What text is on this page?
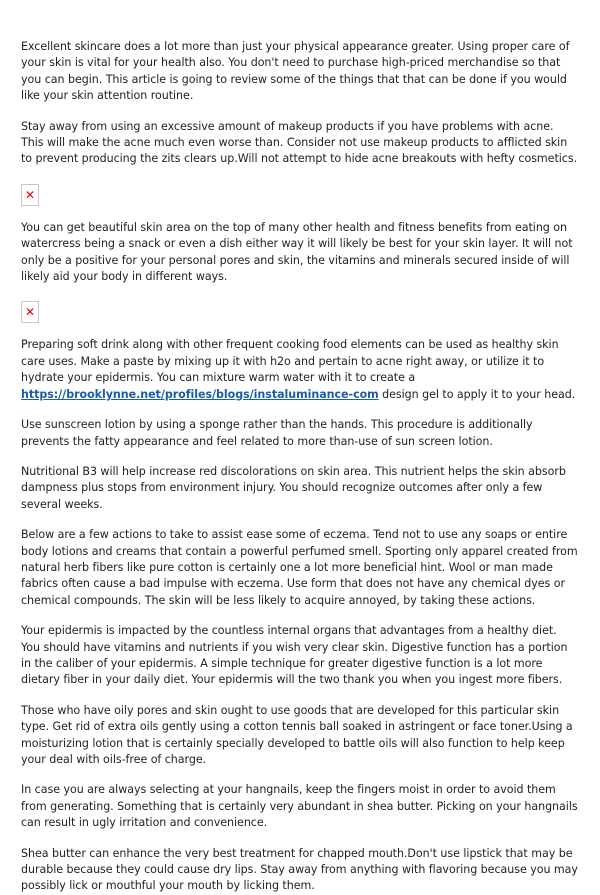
Excellent skincare does a lot more than just your physical appearance greater. Using proper care of your skin is vital for your health also. You don't need to purchase high-priced merchandise so that you can begin. This article is going to review some of the things that that can be done if you would like your skin attention routine.

Stay away from using an excessive amount of makeup products if you have problems with acne. This will make the acne much even worse than. Consider not use makeup products to afflicted skin to prevent producing the zits clears up.Will not attempt to hide acne breakouts with hefty cosmetics.

✕

You can get beautiful skin area on the top of many other health and fitness benefits from eating on watercress being a snack or even a dish either way it will likely be best for your skin layer. It will not only be a positive for your personal pores and skin, the vitamins and minerals secured inside of will likely aid your body in different ways.

✕

Preparing soft drink along with other frequent cooking food elements can be used as healthy skin care uses. Make a paste by mixing up it with h2o and pertain to acne right away, or utilize it to hydrate your epidermis. You can mixture warm water with it to create a https://brooklynne.net/profiles/blogs/instaluminance-com design gel to apply it to your head.

Use sunscreen lotion by using a sponge rather than the hands. This procedure is additionally prevents the fatty appearance and feel related to more than-use of sun screen lotion.

Nutritional B3 will help increase red discolorations on skin area. This nutrient helps the skin absorb dampness plus stops from environment injury. You should recognize outcomes after only a few several weeks.

Below are a few actions to take to assist ease some of eczema. Tend not to use any soaps or entire body lotions and creams that contain a powerful perfumed smell. Sporting only apparel created from natural herb fibers like pure cotton is certainly one a lot more beneficial hint. Wool or man made fabrics often cause a bad impulse with eczema. Use form that does not have any chemical dyes or chemical compounds. The skin will be less likely to acquire annoyed, by taking these actions.

Your epidermis is impacted by the countless internal organs that advantages from a healthy diet. You should have vitamins and nutrients if you wish very clear skin. Digestive function has a portion in the caliber of your epidermis. A simple technique for greater digestive function is a lot more dietary fiber in your daily diet. Your epidermis will the two thank you when you ingest more fibers.

Those who have oily pores and skin ought to use goods that are developed for this particular skin type. Get rid of extra oils gently using a cotton tennis ball soaked in astringent or face toner.Using a moisturizing lotion that is certainly specially developed to battle oils will also function to help keep your deal with oils-free of charge.

In case you are always selecting at your hangnails, keep the fingers moist in order to avoid them from generating. Something that is certainly very abundant in shea butter. Picking on your hangnails can result in ugly irritation and convenience.

Shea butter can enhance the very best treatment for chapped mouth.Don't use lipstick that may be durable because they could cause dry lips. Stay away from anything with flavoring because you may possibly lick or mouthful your mouth by licking them.
